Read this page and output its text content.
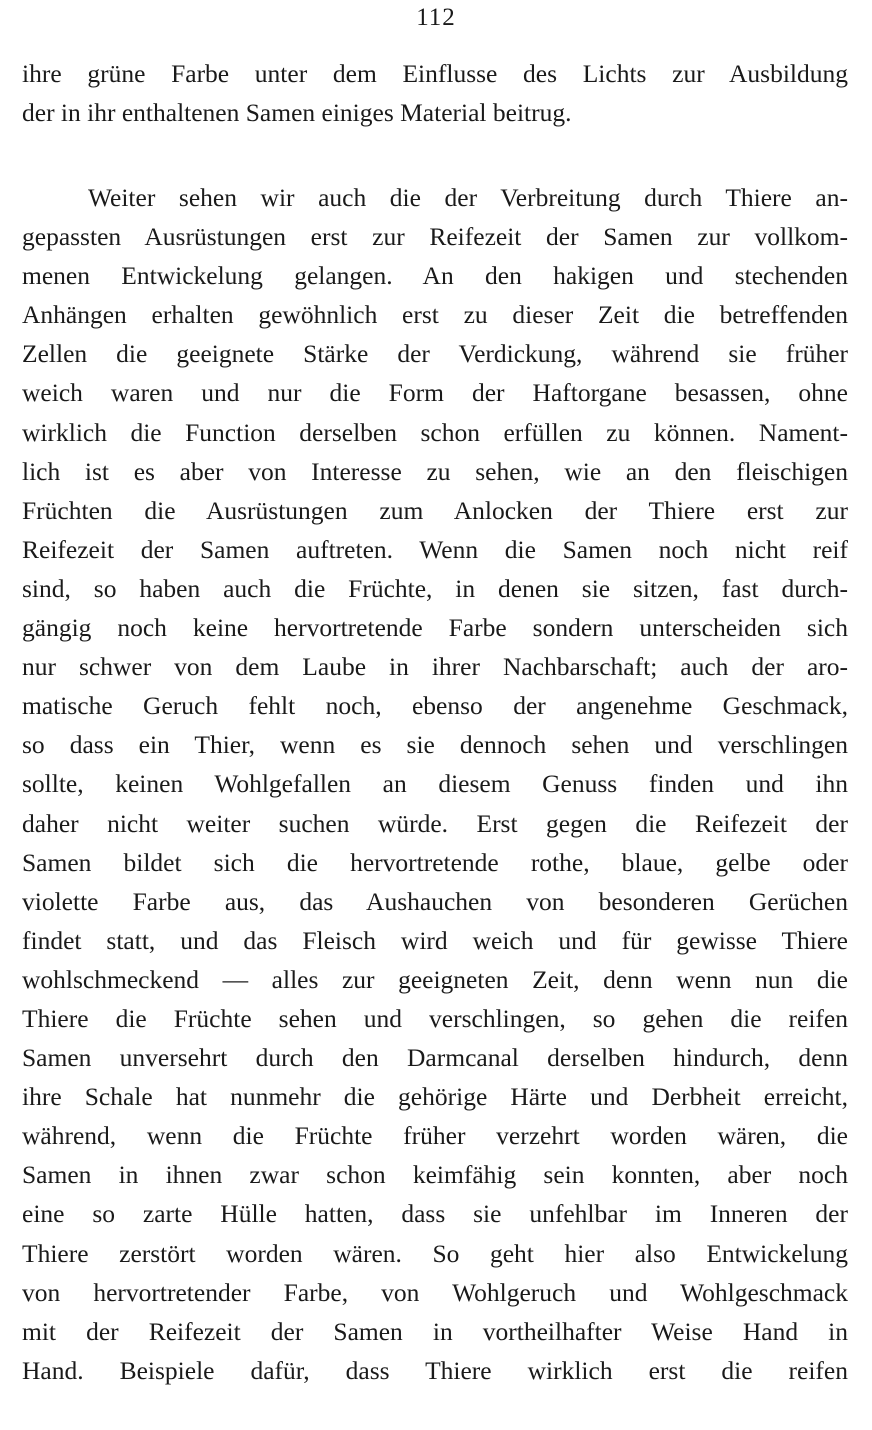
112
ihre grüne Farbe unter dem Einflusse des Lichts zur Ausbildung
der in ihr enthaltenen Samen einiges Material beitrug.
Weiter sehen wir auch die der Verbreitung durch Thiere an-
gepassten Ausrüstungen erst zur Reifezeit der Samen zur vollkom-
menen Entwickelung gelangen. An den hakigen und stechenden
Anhängen erhalten gewöhnlich erst zu dieser Zeit die betreffenden
Zellen die geeignete Stärke der Verdickung, während sie früher
weich waren und nur die Form der Haftorgane besassen, ohne
wirklich die Function derselben schon erfüllen zu können. Nament-
lich ist es aber von Interesse zu sehen, wie an den fleischigen
Früchten die Ausrüstungen zum Anlocken der Thiere erst zur
Reifezeit der Samen auftreten. Wenn die Samen noch nicht reif
sind, so haben auch die Früchte, in denen sie sitzen, fast durch-
gängig noch keine hervortretende Farbe sondern unterscheiden sich
nur schwer von dem Laube in ihrer Nachbarschaft; auch der aro-
matische Geruch fehlt noch, ebenso der angenehme Geschmack,
so dass ein Thier, wenn es sie dennoch sehen und verschlingen
sollte, keinen Wohlgefallen an diesem Genuss finden und ihn
daher nicht weiter suchen würde. Erst gegen die Reifezeit der
Samen bildet sich die hervortretende rothe, blaue, gelbe oder
violette Farbe aus, das Aushauchen von besonderen Gerüchen
findet statt, und das Fleisch wird weich und für gewisse Thiere
wohlschmeckend — alles zur geeigneten Zeit, denn wenn nun die
Thiere die Früchte sehen und verschlingen, so gehen die reifen
Samen unversehrt durch den Darmcanal derselben hindurch, denn
ihre Schale hat nunmehr die gehörige Härte und Derbheit erreicht,
während, wenn die Früchte früher verzehrt worden wären, die
Samen in ihnen zwar schon keimfähig sein konnten, aber noch
eine so zarte Hülle hatten, dass sie unfehlbar im Inneren der
Thiere zerstört worden wären. So geht hier also Entwickelung
von hervortretender Farbe, von Wohlgeruch und Wohlgeschmack
mit der Reifezeit der Samen in vortheilhafter Weise Hand in
Hand. Beispiele dafür, dass Thiere wirklich erst die reifen
